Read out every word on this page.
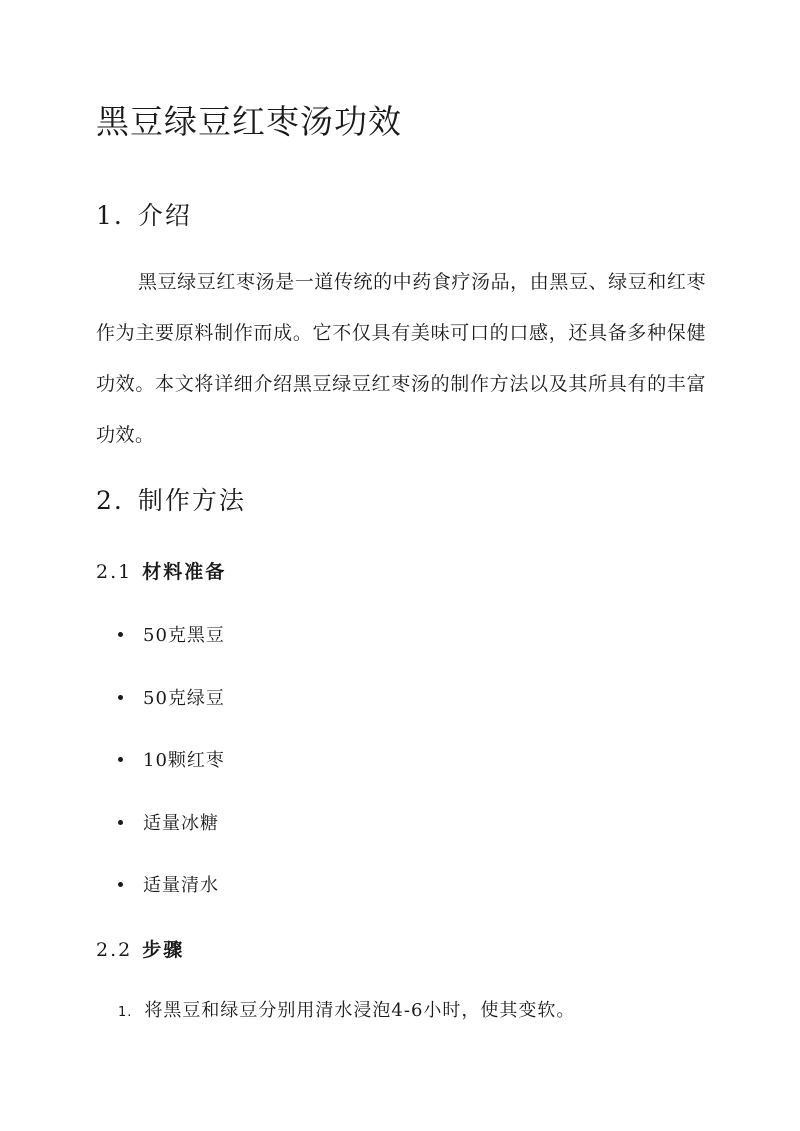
黑豆绿豆红枣汤功效
1. 介绍

黑豆绿豆红枣汤是一道传统的中药食疗汤品，由黑豆、绿豆和红枣作为主要原料制作而成。它不仅具有美味可口的口感，还具备多种保健功效。本文将详细介绍黑豆绿豆红枣汤的制作方法以及其所具有的丰富功效。

2. 制作方法
2.1 材料准备
50克黑豆
50克绿豆
10颗红枣
适量冰糖
适量清水
2.2 步骤
1. 将黑豆和绿豆分别用清水浸泡4-6小时，使其变软。
